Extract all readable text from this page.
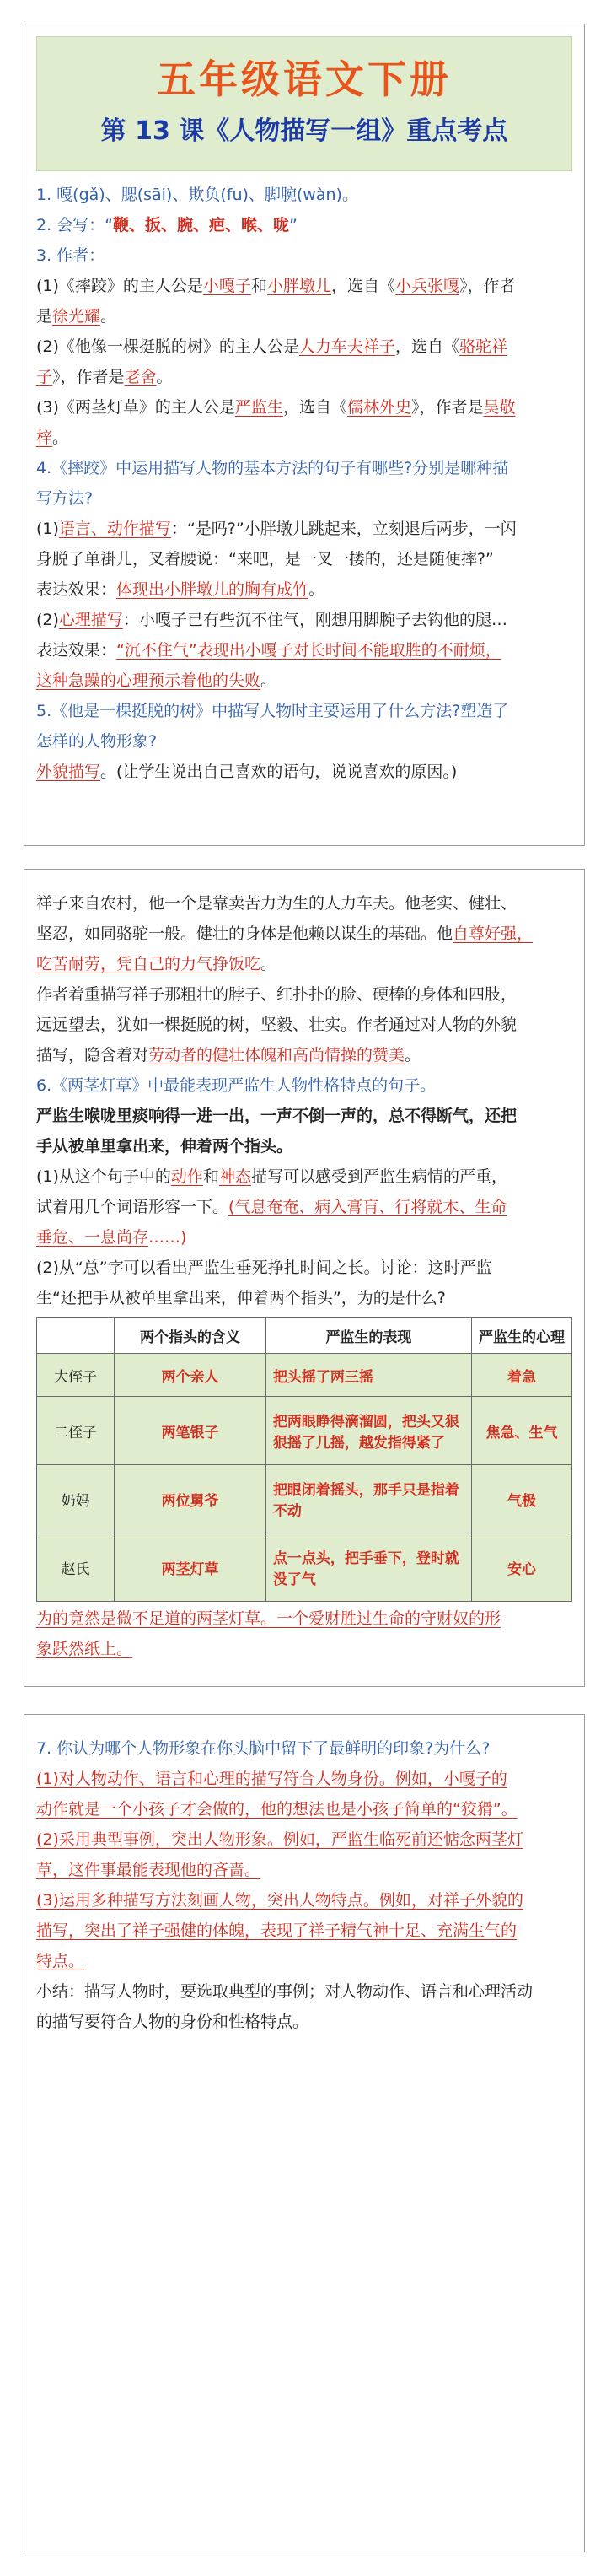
五年级语文下册
第 13 课《人物描写一组》重点考点
1. 嘎(gǎ)、腮(sāi)、欺负(fu)、脚腕(wàn)。
2. 会写：“鞭、扳、腕、疤、喉、咙”
3. 作者：
(1)《摔跤》的主人公是小嘎子和小胖墩儿，选自《小兵张嘎》，作者
是徐光耀。
(2)《他像一棵挺脱的树》的主人公是人力车夫祥子，选自《骆驼祥
子》，作者是老舍。
(3)《两茎灯草》的主人公是严监生，选自《儒林外史》，作者是吴敬
梓。
4.《摔跤》中运用描写人物的基本方法的句子有哪些?分别是哪种描
写方法?
(1)语言、动作描写：“是吗?”小胖墩儿跳起来，立刻退后两步，一闪
身脱了单褂儿，叉着腰说：“来吧，是一叉一搂的，还是随便摔?”
表达效果：体现出小胖墩儿的胸有成竹。
(2)心理描写：小嘎子已有些沉不住气，刚想用脚腕子去钩他的腿…
表达效果：“沉不住气”表现出小嘎子对长时间不能取胜的不耐烦，
这种急躁的心理预示着他的失败。
5.《他是一棵挺脱的树》中描写人物时主要运用了什么方法?塑造了
怎样的人物形象?
外貌描写。(让学生说出自己喜欢的语句，说说喜欢的原因。)
祥子来自农村，他一个是靠卖苦力为生的人力车夫。他老实、健壮、
坚忍，如同骆驼一般。健壮的身体是他赖以谋生的基础。他自尊好强，
吃苦耐劳，凭自己的力气挣饭吃。
作者着重描写祥子那粗壮的脖子、红扑扑的脸、硬棒的身体和四肢，
远远望去，犹如一棵挺脱的树，坚毅、壮实。作者通过对人物的外貌
描写，隐含着对劳动者的健壮体魄和高尚情操的赞美。
6.《两茎灯草》中最能表现严监生人物性格特点的句子。
严监生喉咙里痰响得一进一出，一声不倒一声的，总不得断气，还把
手从被单里拿出来，伸着两个指头。
(1)从这个句子中的动作和神态描写可以感受到严监生病情的严重，
试着用几个词语形容一下。(气息奄奄、病入膏肓、行将就木、生命
垂危、一息尚存……)
(2)从“总”字可以看出严监生垂死挣扎时间之长。讨论：这时严监
生“还把手从被单里拿出来，伸着两个指头”，为的是什么?
	两个指头的含义	严监生的表现	严监生的心理
大侄子	两个亲人	把头摇了两三摇	着急
二侄子	两笔银子	把两眼睁得滴溜圆，把头又狠狠摇了几摇，越发指得紧了	焦急、生气
奶妈	两位舅爷	把眼闭着摇头，那手只是指着不动	气极
赵氏	两茎灯草	点一点头，把手垂下，登时就没了气	安心
为的竟然是微不足道的两茎灯草。一个爱财胜过生命的守财奴的形
象跃然纸上。
7. 你认为哪个人物形象在你头脑中留下了最鲜明的印象?为什么?
(1)对人物动作、语言和心理的描写符合人物身份。例如，小嘎子的
动作就是一个小孩子才会做的，他的想法也是小孩子简单的“狡猾”。
(2)采用典型事例，突出人物形象。例如，严监生临死前还惦念两茎灯
草，这件事最能表现他的吝啬。
(3)运用多种描写方法刻画人物，突出人物特点。例如，对祥子外貌的
描写，突出了祥子强健的体魄，表现了祥子精气神十足、充满生气的
特点。
小结：描写人物时，要选取典型的事例；对人物动作、语言和心理活动
的描写要符合人物的身份和性格特点。
